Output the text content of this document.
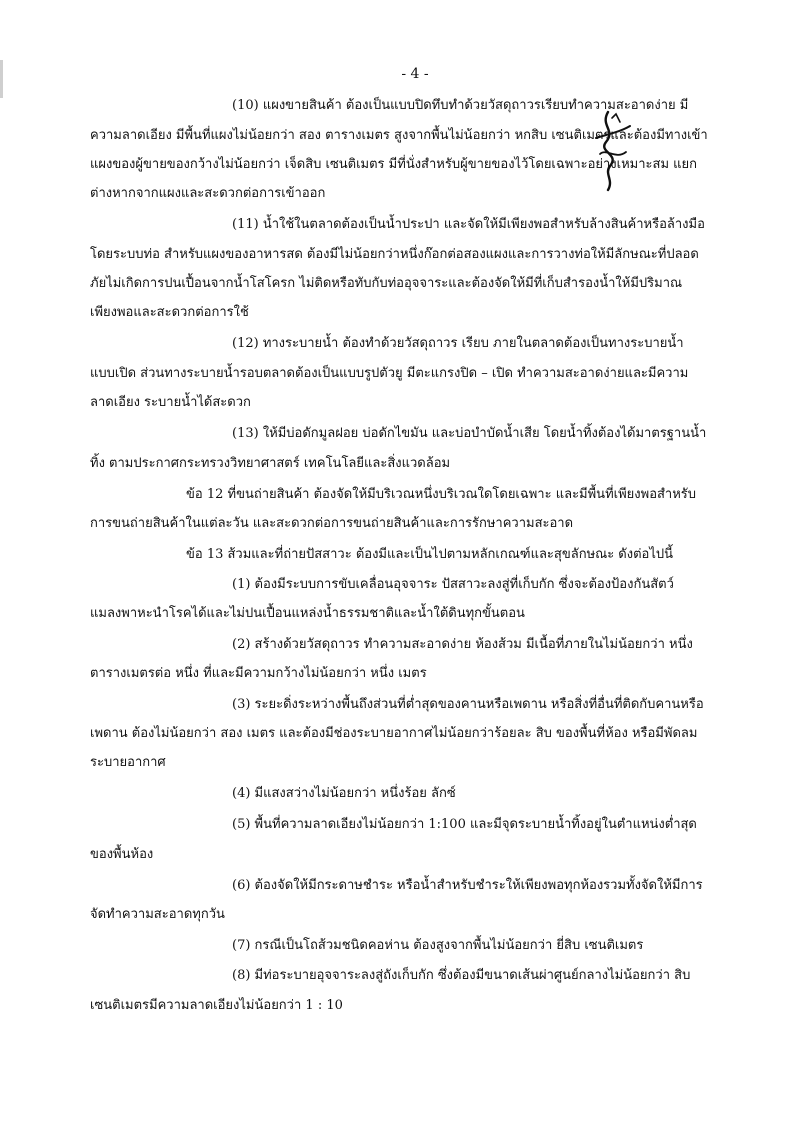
- 4 -
(10) แผงขายสินค้า ต้องเป็นแบบปิดทึบทำด้วยวัสดุถาวรเรียบทำความสะอาดง่าย มี
ความลาดเอียง มีพื้นที่แผงไม่น้อยกว่า สอง ตารางเมตร สูงจากพื้นไม่น้อยกว่า หกสิบ เซนติเมตรและต้องมีทางเข้า
แผงของผู้ขายของกว้างไม่น้อยกว่า เจ็ดสิบ เซนติเมตร มีที่นั่งสำหรับผู้ขายของไว้โดยเฉพาะอย่างเหมาะสม แยก
ต่างหากจากแผงและสะดวกต่อการเข้าออก
(11) น้ำใช้ในตลาดต้องเป็นน้ำประปา และจัดให้มีเพียงพอสำหรับล้างสินค้าหรือล้างมือ
โดยระบบท่อ สำหรับแผงของอาหารสด ต้องมีไม่น้อยกว่าหนึ่งก๊อกต่อสองแผงและการวางท่อให้มีลักษณะที่ปลอด
ภัยไม่เกิดการปนเปื้อนจากน้ำโสโครก ไม่ติดหรือทับกับท่ออุจจาระและต้องจัดให้มีที่เก็บสำรองน้ำให้มีปริมาณ
เพียงพอและสะดวกต่อการใช้
(12) ทางระบายน้ำ ต้องทำด้วยวัสดุถาวร เรียบ ภายในตลาดต้องเป็นทางระบายน้ำ
แบบเปิด ส่วนทางระบายน้ำรอบตลาดต้องเป็นแบบรูปตัวยู มีตะแกรงปิด – เปิด ทำความสะอาดง่ายและมีความ
ลาดเอียง ระบายน้ำได้สะดวก
(13) ให้มีบ่อดักมูลฝอย บ่อดักไขมัน และบ่อบำบัดน้ำเสีย โดยน้ำทิ้งต้องได้มาตรฐานน้ำ
ทิ้ง ตามประกาศกระทรวงวิทยาศาสตร์ เทคโนโลยีและสิ่งแวดล้อม
ข้อ 12 ที่ขนถ่ายสินค้า ต้องจัดให้มีบริเวณหนึ่งบริเวณใดโดยเฉพาะ และมีพื้นที่เพียงพอสำหรับ
การขนถ่ายสินค้าในแต่ละวัน และสะดวกต่อการขนถ่ายสินค้าและการรักษาความสะอาด
ข้อ 13 ส้วมและที่ถ่ายปัสสาวะ ต้องมีและเป็นไปตามหลักเกณฑ์และสุขลักษณะ ดังต่อไปนี้
(1) ต้องมีระบบการขับเคลื่อนอุจจาระ ปัสสาวะลงสู่ที่เก็บกัก ซึ่งจะต้องป้องกันสัตว์
แมลงพาหะนำโรคได้และไม่ปนเปื้อนแหล่งน้ำธรรมชาติและน้ำใต้ดินทุกขั้นตอน
(2) สร้างด้วยวัสดุถาวร ทำความสะอาดง่าย ห้องส้วม มีเนื้อที่ภายในไม่น้อยกว่า หนึ่ง
ตารางเมตรต่อ หนึ่ง ที่และมีความกว้างไม่น้อยกว่า หนึ่ง เมตร
(3) ระยะดิ่งระหว่างพื้นถึงส่วนที่ต่ำสุดของคานหรือเพดาน หรือสิ่งที่อื่นที่ติดกับคานหรือ
เพดาน ต้องไม่น้อยกว่า สอง เมตร และต้องมีช่องระบายอากาศไม่น้อยกว่าร้อยละ สิบ ของพื้นที่ห้อง หรือมีพัดลม
ระบายอากาศ
(4) มีแสงสว่างไม่น้อยกว่า หนึ่งร้อย ลักซ์
(5) พื้นที่ความลาดเอียงไม่น้อยกว่า 1:100 และมีจุดระบายน้ำทิ้งอยู่ในตำแหน่งต่ำสุด
ของพื้นห้อง
(6) ต้องจัดให้มีกระดาษชำระ หรือน้ำสำหรับชำระให้เพียงพอทุกห้องรวมทั้งจัดให้มีการ
จัดทำความสะอาดทุกวัน
(7) กรณีเป็นโถส้วมชนิดคอห่าน ต้องสูงจากพื้นไม่น้อยกว่า ยี่สิบ เซนติเมตร
(8) มีท่อระบายอุจจาระลงสู่ถังเก็บกัก ซึ่งต้องมีขนาดเส้นผ่าศูนย์กลางไม่น้อยกว่า สิบ
เซนติเมตรมีความลาดเอียงไม่น้อยกว่า 1 : 10
